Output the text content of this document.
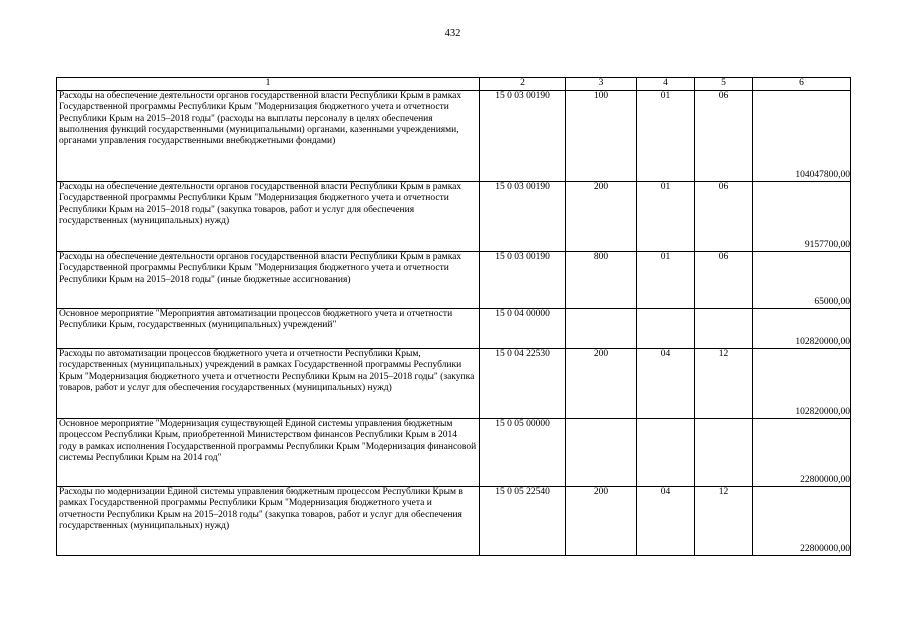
432
1	2	3	4	5	6
Расходы на обеспечение деятельности органов государственной власти Республики Крым в рамках Государственной программы Республики Крым "Модернизация бюджетного учета и отчетности Республики Крым на 2015–2018 годы" (расходы на выплаты персоналу в целях обеспечения выполнения функций государственными (муниципальными) органами, казенными учреждениями, органами управления государственными внебюджетными фондами)	15 0 03 00190	100	01	06	104047800,00
Расходы на обеспечение деятельности органов государственной власти Республики Крым в рамках Государственной программы Республики Крым "Модернизация бюджетного учета и отчетности Республики Крым на 2015–2018 годы" (закупка товаров, работ и услуг для обеспечения государственных (муниципальных) нужд)	15 0 03 00190	200	01	06	9157700,00
Расходы на обеспечение деятельности органов государственной власти Республики Крым в рамках Государственной программы Республики Крым "Модернизация бюджетного учета и отчетности Республики Крым на 2015–2018 годы" (иные бюджетные ассигнования)	15 0 03 00190	800	01	06	65000,00
Основное мероприятие "Мероприятия автоматизации процессов бюджетного учета и отчетности Республики Крым, государственных (муниципальных) учреждений"	15 0 04 00000				102820000,00
Расходы по автоматизации процессов бюджетного учета и отчетности Республики Крым, государственных (муниципальных) учреждений в рамках Государственной программы Республики Крым "Модернизация бюджетного учета и отчетности Республики Крым на 2015–2018 годы" (закупка товаров, работ и услуг для обеспечения государственных (муниципальных) нужд)	15 0 04 22530	200	04	12	102820000,00
Основное мероприятие "Модернизация существующей Единой системы управления бюджетным процессом Республики Крым, приобретенной Министерством финансов Республики Крым в 2014 году в рамках исполнения Государственной программы Республики Крым "Модернизация финансовой системы Республики Крым на 2014 год"	15 0 05 00000				22800000,00
Расходы по модернизации Единой системы управления бюджетным процессом Республики Крым в рамках Государственной программы Республики Крым "Модернизация бюджетного учета и отчетности Республики Крым на 2015–2018 годы" (закупка товаров, работ и услуг для обеспечения государственных (муниципальных) нужд)	15 0 05 22540	200	04	12	22800000,00
